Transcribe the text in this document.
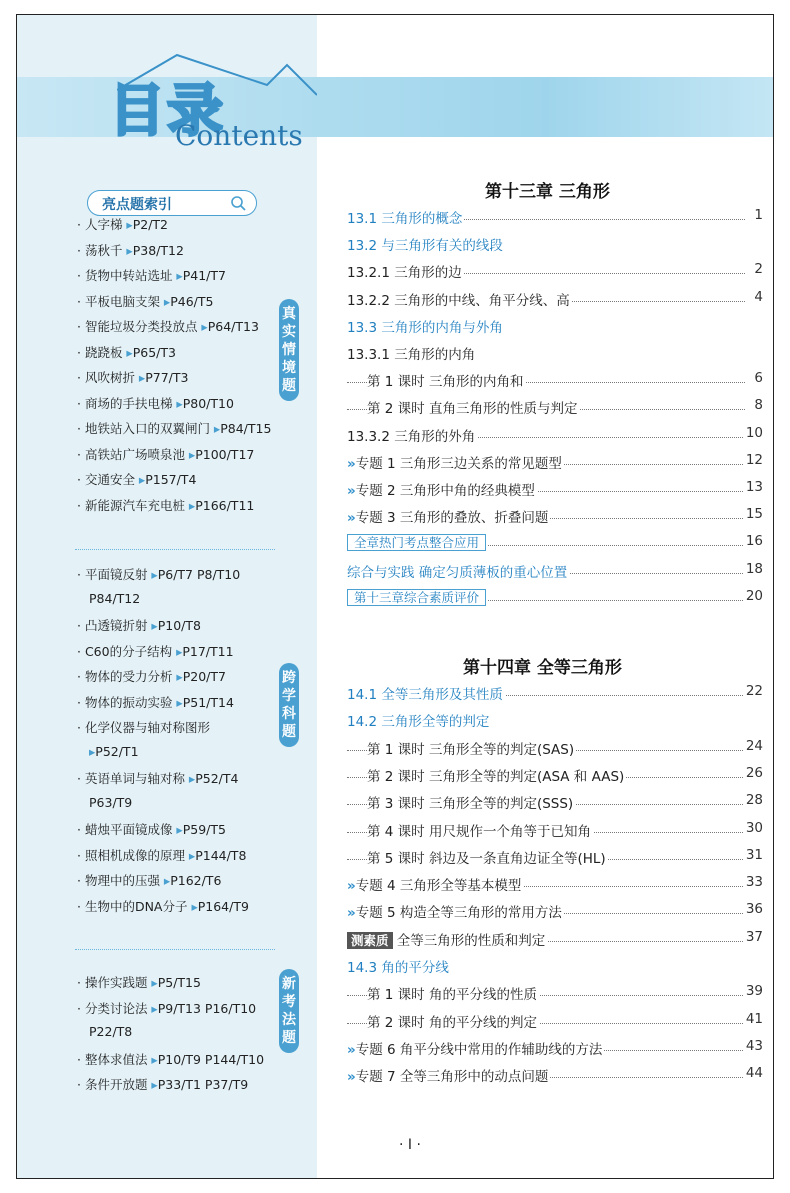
目录
Contents
亮点题索引
· 人字梯 ▸P2/T2
· 荡秋千 ▸P38/T12
· 货物中转站选址 ▸P41/T7
· 平板电脑支架 ▸P46/T5
· 智能垃圾分类投放点 ▸P64/T13
· 跷跷板 ▸P65/T3
· 风吹树折 ▸P77/T3
· 商场的手扶电梯 ▸P80/T10
· 地铁站入口的双翼闸门 ▸P84/T15
· 高铁站广场喷泉池 ▸P100/T17
· 交通安全 ▸P157/T4
· 新能源汽车充电桩 ▸P166/T11
真
实
情
境
题
· 平面镜反射 ▸P6/T7 P8/T10
P84/T12
· 凸透镜折射 ▸P10/T8
· C60的分子结构 ▸P17/T11
· 物体的受力分析 ▸P20/T7
· 物体的振动实验 ▸P51/T14
· 化学仪器与轴对称图形
▸P52/T1
· 英语单词与轴对称 ▸P52/T4
P63/T9
· 蜡烛平面镜成像 ▸P59/T5
· 照相机成像的原理 ▸P144/T8
· 物理中的压强 ▸P162/T6
· 生物中的DNA分子 ▸P164/T9
跨
学
科
题
· 操作实践题 ▸P5/T15
· 分类讨论法 ▸P9/T13 P16/T10
P22/T8
· 整体求值法 ▸P10/T9 P144/T10
· 条件开放题 ▸P33/T1 P37/T9
新
考
法
题
第十三章 三角形
13.1 三角形的概念	1
13.2 与三角形有关的线段
13.2.1 三角形的边	2
13.2.2 三角形的中线、角平分线、高	4
13.3 三角形的内角与外角
13.3.1 三角形的内角
第 1 课时 三角形的内角和	6
第 2 课时 直角三角形的性质与判定	8
13.3.2 三角形的外角	10
»专题 1 三角形三边关系的常见题型	12
»专题 2 三角形中角的经典模型	13
»专题 3 三角形的叠放、折叠问题	15
全章热门考点整合应用	16
综合与实践 确定匀质薄板的重心位置	18
第十三章综合素质评价	20
第十四章 全等三角形
14.1 全等三角形及其性质	22
14.2 三角形全等的判定
第 1 课时 三角形全等的判定(SAS)	24
第 2 课时 三角形全等的判定(ASA 和 AAS)	26
第 3 课时 三角形全等的判定(SSS)	28
第 4 课时 用尺规作一个角等于已知角	30
第 5 课时 斜边及一条直角边证全等(HL)	31
»专题 4 三角形全等基本模型	33
»专题 5 构造全等三角形的常用方法	36
测素质 全等三角形的性质和判定	37
14.3 角的平分线
第 1 课时 角的平分线的性质	39
第 2 课时 角的平分线的判定	41
»专题 6 角平分线中常用的作辅助线的方法	43
»专题 7 全等三角形中的动点问题	44
· I ·
